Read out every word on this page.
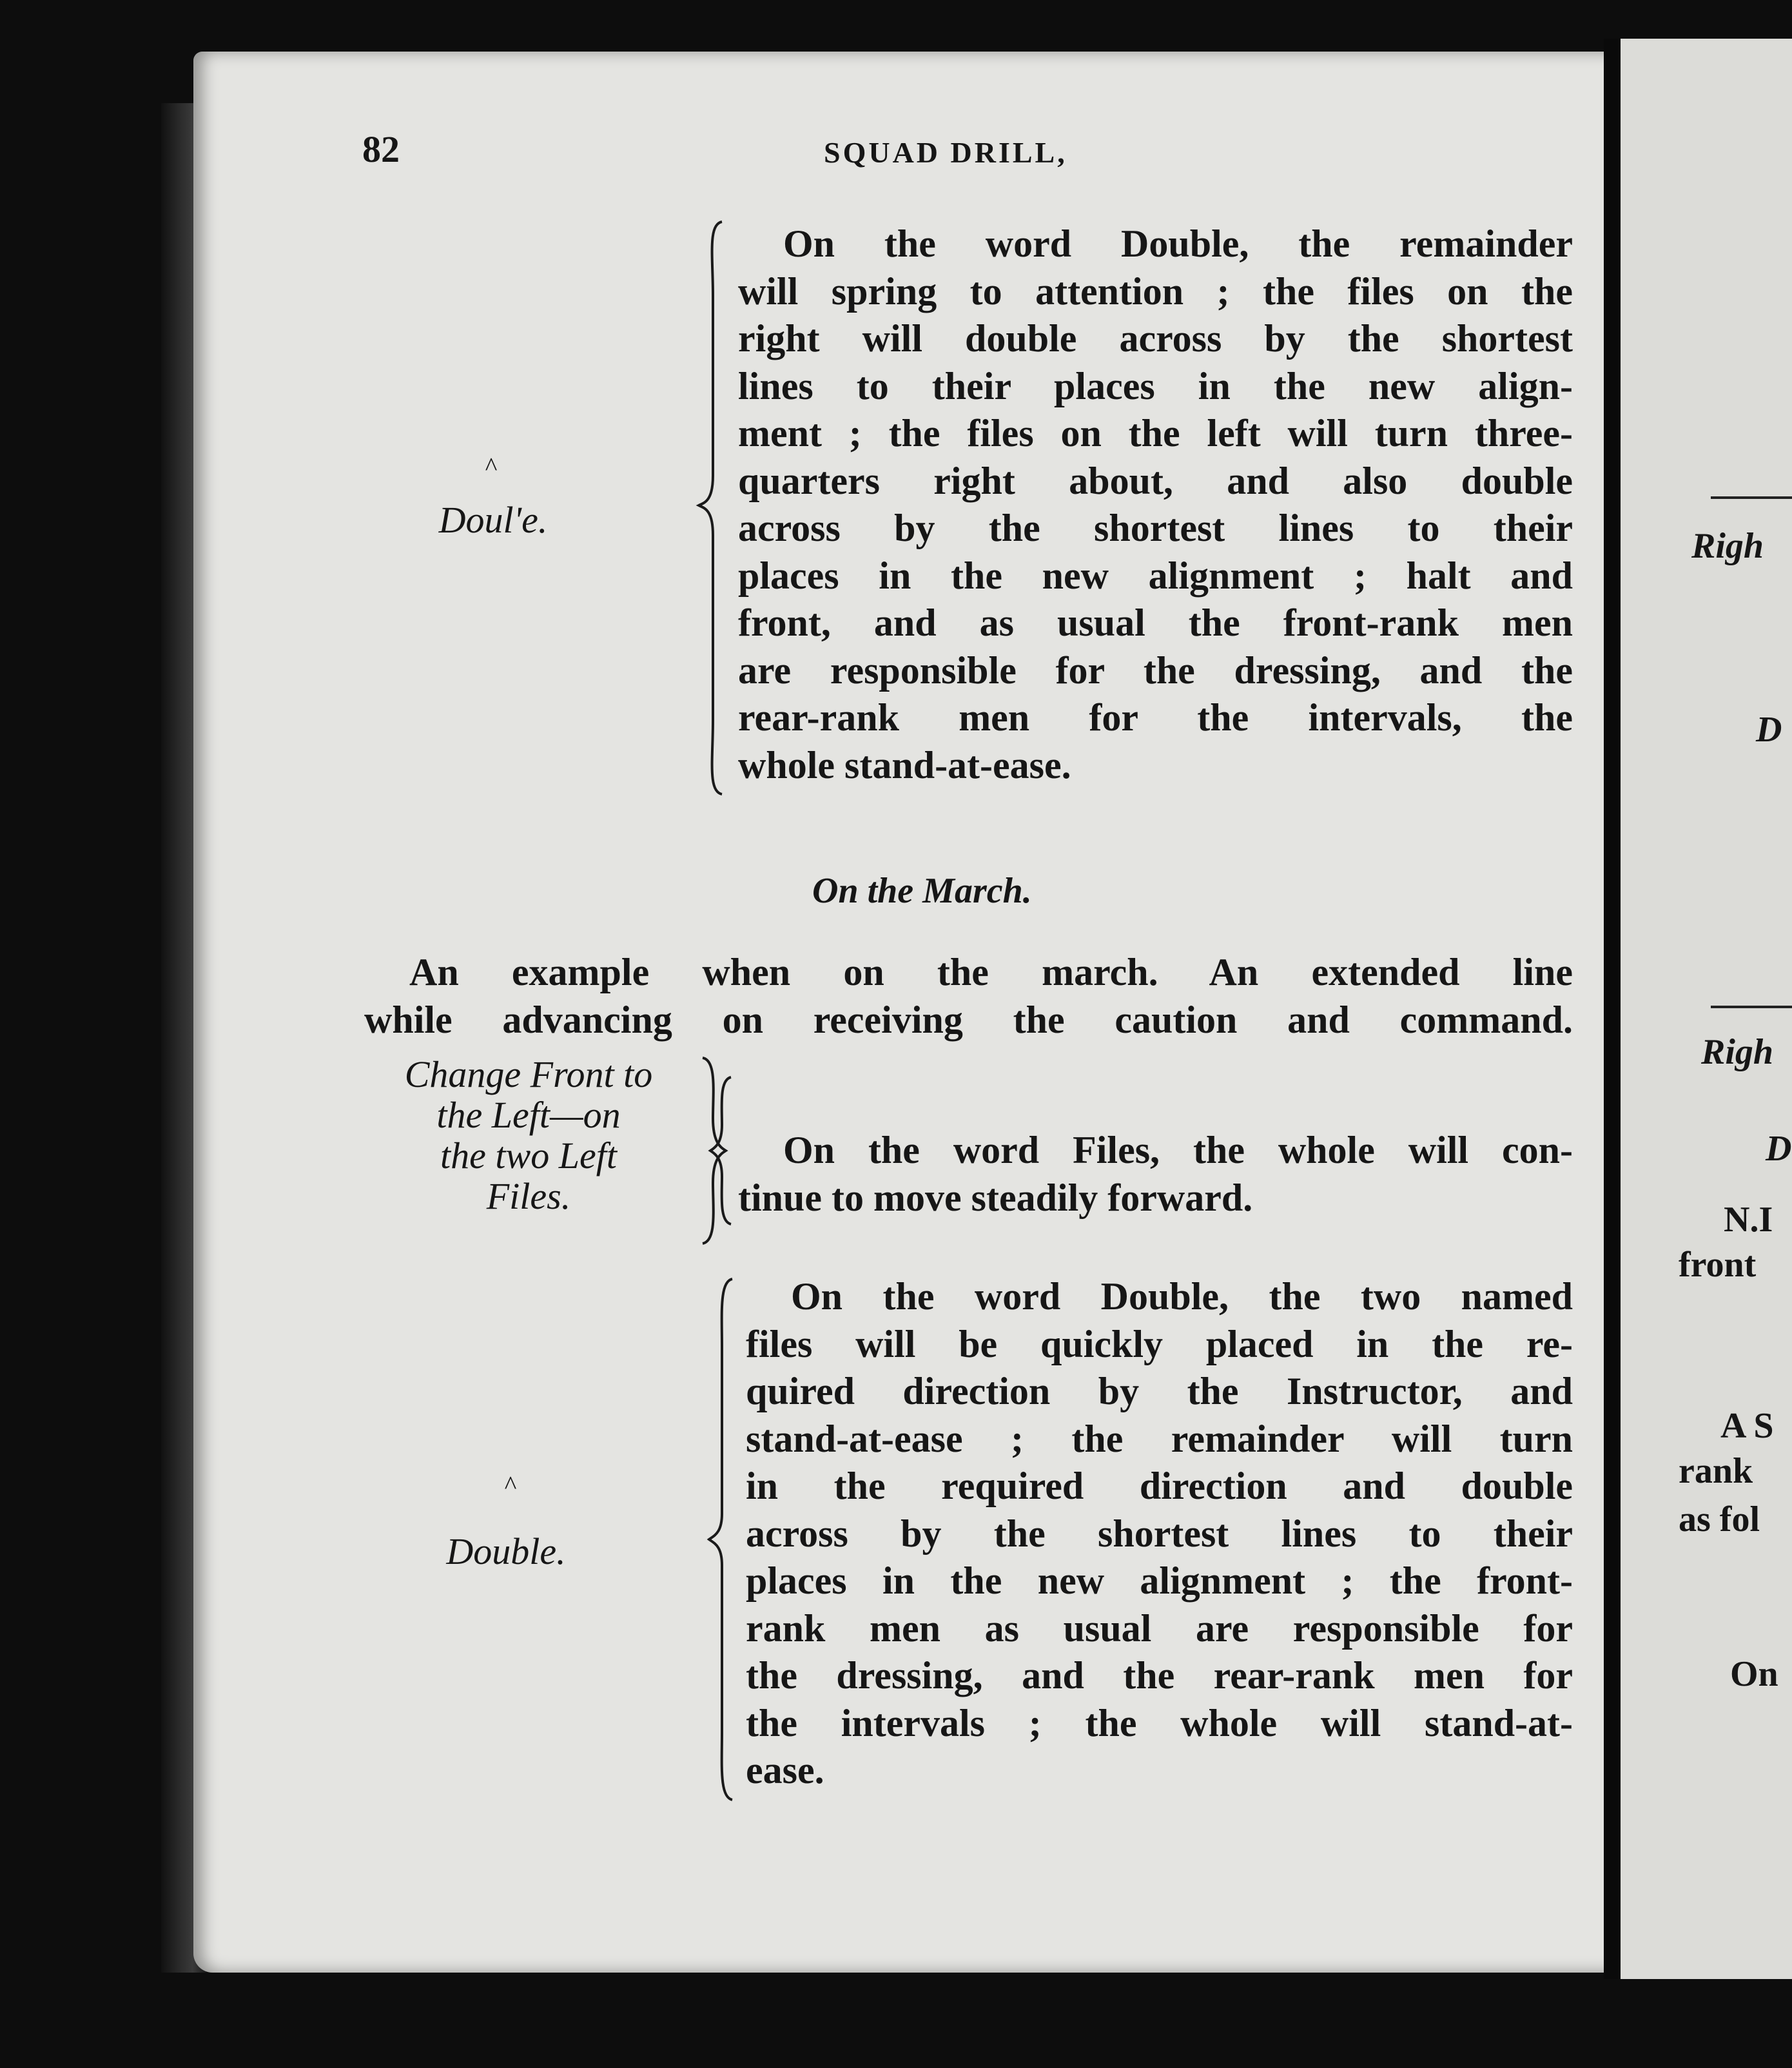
82	SQUAD DRILL,
^
Doul'e.
On the word Double, the remainder
will spring to attention ; the files on the
right will double across by the shortest
lines to their places in the new align-
ment ; the files on the left will turn three-
quarters right about, and also double
across by the shortest lines to their
places in the new alignment ; halt and
front, and as usual the front-rank men
are responsible for the dressing, and the
rear-rank men for the intervals, the
whole stand-at-ease.
On the March.
An example when on the march. An extended line
while advancing on receiving the caution and command.
Change Front to
the Left—on
the two Left
Files.
On the word Files, the whole will con-
tinue to move steadily forward.
^
Double.
On the word Double, the two named
files will be quickly placed in the re-
quired direction by the Instructor, and
stand-at-ease ; the remainder will turn
in the required direction and double
across by the shortest lines to their
places in the new alignment ; the front-
rank men as usual are responsible for
the dressing, and the rear-rank men for
the intervals ; the whole will stand-at-
ease.
Righ
D
Righ
D
N.I
front
A S
rank
as fol
On
